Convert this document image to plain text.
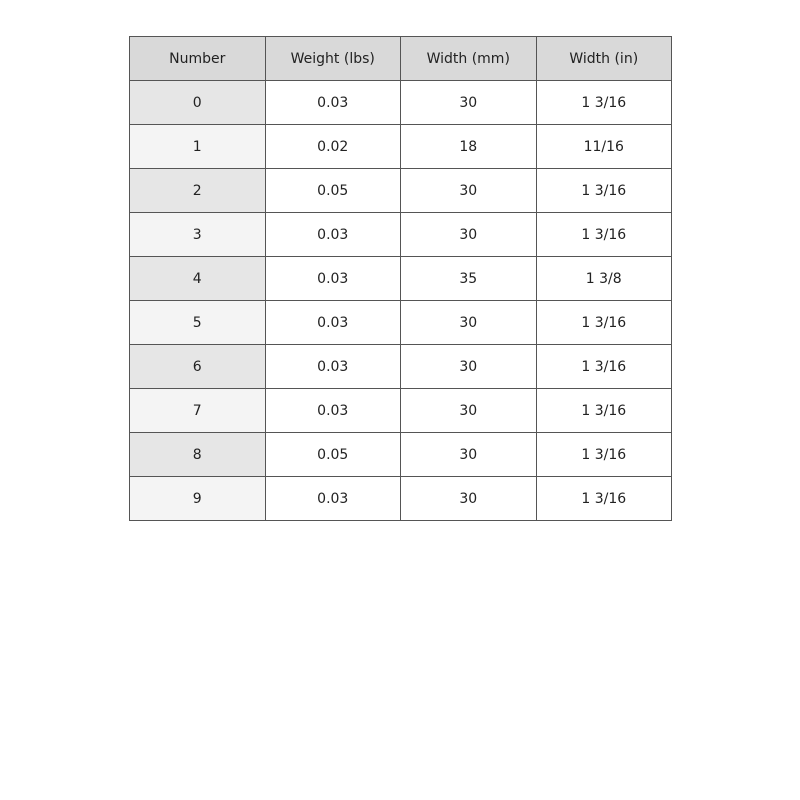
Number	Weight (lbs)	Width (mm)	Width (in)
0	0.03	30	1 3/16
1	0.02	18	11/16
2	0.05	30	1 3/16
3	0.03	30	1 3/16
4	0.03	35	1 3/8
5	0.03	30	1 3/16
6	0.03	30	1 3/16
7	0.03	30	1 3/16
8	0.05	30	1 3/16
9	0.03	30	1 3/16
